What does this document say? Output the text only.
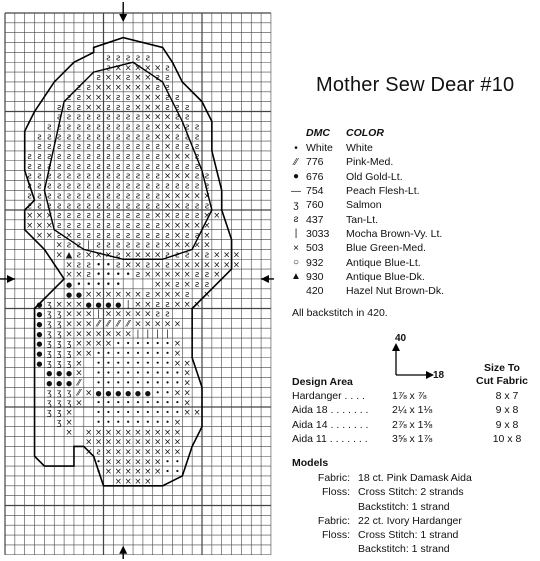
ƨ ƨ ƨ ƨ ƨ
ƨ × × × × × ƨ
ƨ × × ƨ × × ƨ ƨ
ƨ ƨ × × × × × × ƨ ƨ
ƨ ƨ × × × ƨ ƨ × × × ƨ ƨ
ƨ ƨ ƨ × × ƨ ƨ ƨ × × × ƨ ƨ ƨ
ƨ ƨ ƨ ƨ ƨ ƨ ƨ ƨ ƨ × × × ƨ ƨ
ƨ ƨ ƨ ƨ ƨ ƨ ƨ ƨ ƨ ƨ ƨ × × × ƨ ƨ
ƨ ƨ ƨ ƨ ƨ ƨ ƨ ƨ ƨ ƨ ƨ ƨ × × ƨ ƨ ƨ
ƨ ƨ ƨ ƨ ƨ ƨ ƨ ƨ ƨ ƨ ƨ ƨ ƨ × ƨ ƨ ƨ
ƨ ƨ ƨ ƨ ƨ ƨ ƨ ƨ ƨ ƨ ƨ ƨ ƨ ƨ × × × ƨ
ƨ ƨ ƨ ƨ ƨ ƨ ƨ ƨ ƨ ƨ ƨ ƨ ƨ ƨ × ƨ ƨ ƨ
ƨ ƨ ƨ ƨ ƨ ƨ ƨ ƨ ƨ ƨ ƨ ƨ ƨ ƨ × × × ƨ ƨ
ƨ ƨ ƨ ƨ ƨ ƨ ƨ ƨ ƨ ƨ ƨ ƨ ƨ ƨ ƨ ƨ ƨ ƨ ƨ
ƨ ƨ ƨ ƨ ƨ ƨ ƨ ƨ ƨ ƨ ƨ ƨ ƨ ƨ × × × × ×
ƨ ƨ ƨ ƨ ƨ ƨ ƨ ƨ ƨ ƨ ƨ ƨ ƨ ƨ × × ƨ ƨ ƨ
× × × ƨ ƨ ƨ ƨ ƨ ƨ ƨ ƨ ƨ ƨ × × ƨ ƨ ƨ × ×
× × × ƨ ƨ ƨ ƨ ƨ ƨ ƨ ƨ ƨ ƨ ƨ × × × × ×
× × ƨ × ƨ ƨ ƨ ƨ ƨ ƨ ƨ ƨ ƨ ƨ × ƨ ƨ ×
× ƨ ƨ | ƨ ƨ ƨ ƨ ƨ ƨ ƨ × × × × ×
× ▲ ƨ × × × ƨ × × × × ƨ ƨ ƨ × ƨ × × ×
× ƨ ƨ • • ƨ × × ƨ × ƨ × × × × × × ×
× × ƨ • • • • ƨ × × × × × ƨ ƨ ×
● • • • • •	× × ƨ × ƨ ƨ
● ● × × × × × × ƨ × × × ƨ ×
● ʒ × × × ● ● ● ● | × × ƨ ƨ × × ×
● ʒ ʒ × × × | × × × × × ƨ ƨ
● ʒ ʒ × × × ⁄⁄ ⁄⁄ ⁄⁄ ⁄⁄ × × × × ×
● ʒ ʒ × × × × × × × | | | |
● ʒ ʒ ʒ × × × ×	×
● ʒ ʒ ʒ × ×	×
● ʒ ʒ ʒ ×	× ×
● ● ● ×	×
● ● ● ⁄⁄	×
ʒ ʒ ʒ ⁄⁄ × ● ● ● ● ● ●	× ×
ʒ ʒ ʒ ×	×
ʒ ʒ ×	× ×
ʒ ×	×
× × × × × × × × × × ×
× × × × × × × × × ×
× ƨ × × × × × × × ×
× × × × × ×
× × × × × ×
× × × ×
Mother Sew Dear #10
DMC	COLOR
• White	White
⁄⁄ 776	Pink-Med.
● 676	Old Gold-Lt.
— 754	Peach Flesh-Lt.
ʒ 760	Salmon
ƨ 437	Tan-Lt.
| 3033	Mocha Brown-Vy. Lt.
× 503	Blue Green-Med.
○ 932	Antique Blue-Lt.
▲ 930	Antique Blue-Dk.
420	Hazel Nut Brown-Dk.
All backstitch in 420.
40
18
Size To
Cut Fabric
Design Area
Hardanger . . . .	1⅞ x ⅞	8 x 7
Aida 18 . . . . . . .	2¼ x 1⅛	9 x 8
Aida 14 . . . . . . .	2⅞ x 1⅜	9 x 8
Aida 11 . . . . . . .	3⅝ x 1⅞	10 x 8
Models
Fabric: 18 ct. Pink Damask Aida
Floss: Cross Stitch: 2 strands
Backstitch: 1 strand
Fabric: 22 ct. Ivory Hardanger
Floss: Cross Stitch: 1 strand
Backstitch: 1 strand
